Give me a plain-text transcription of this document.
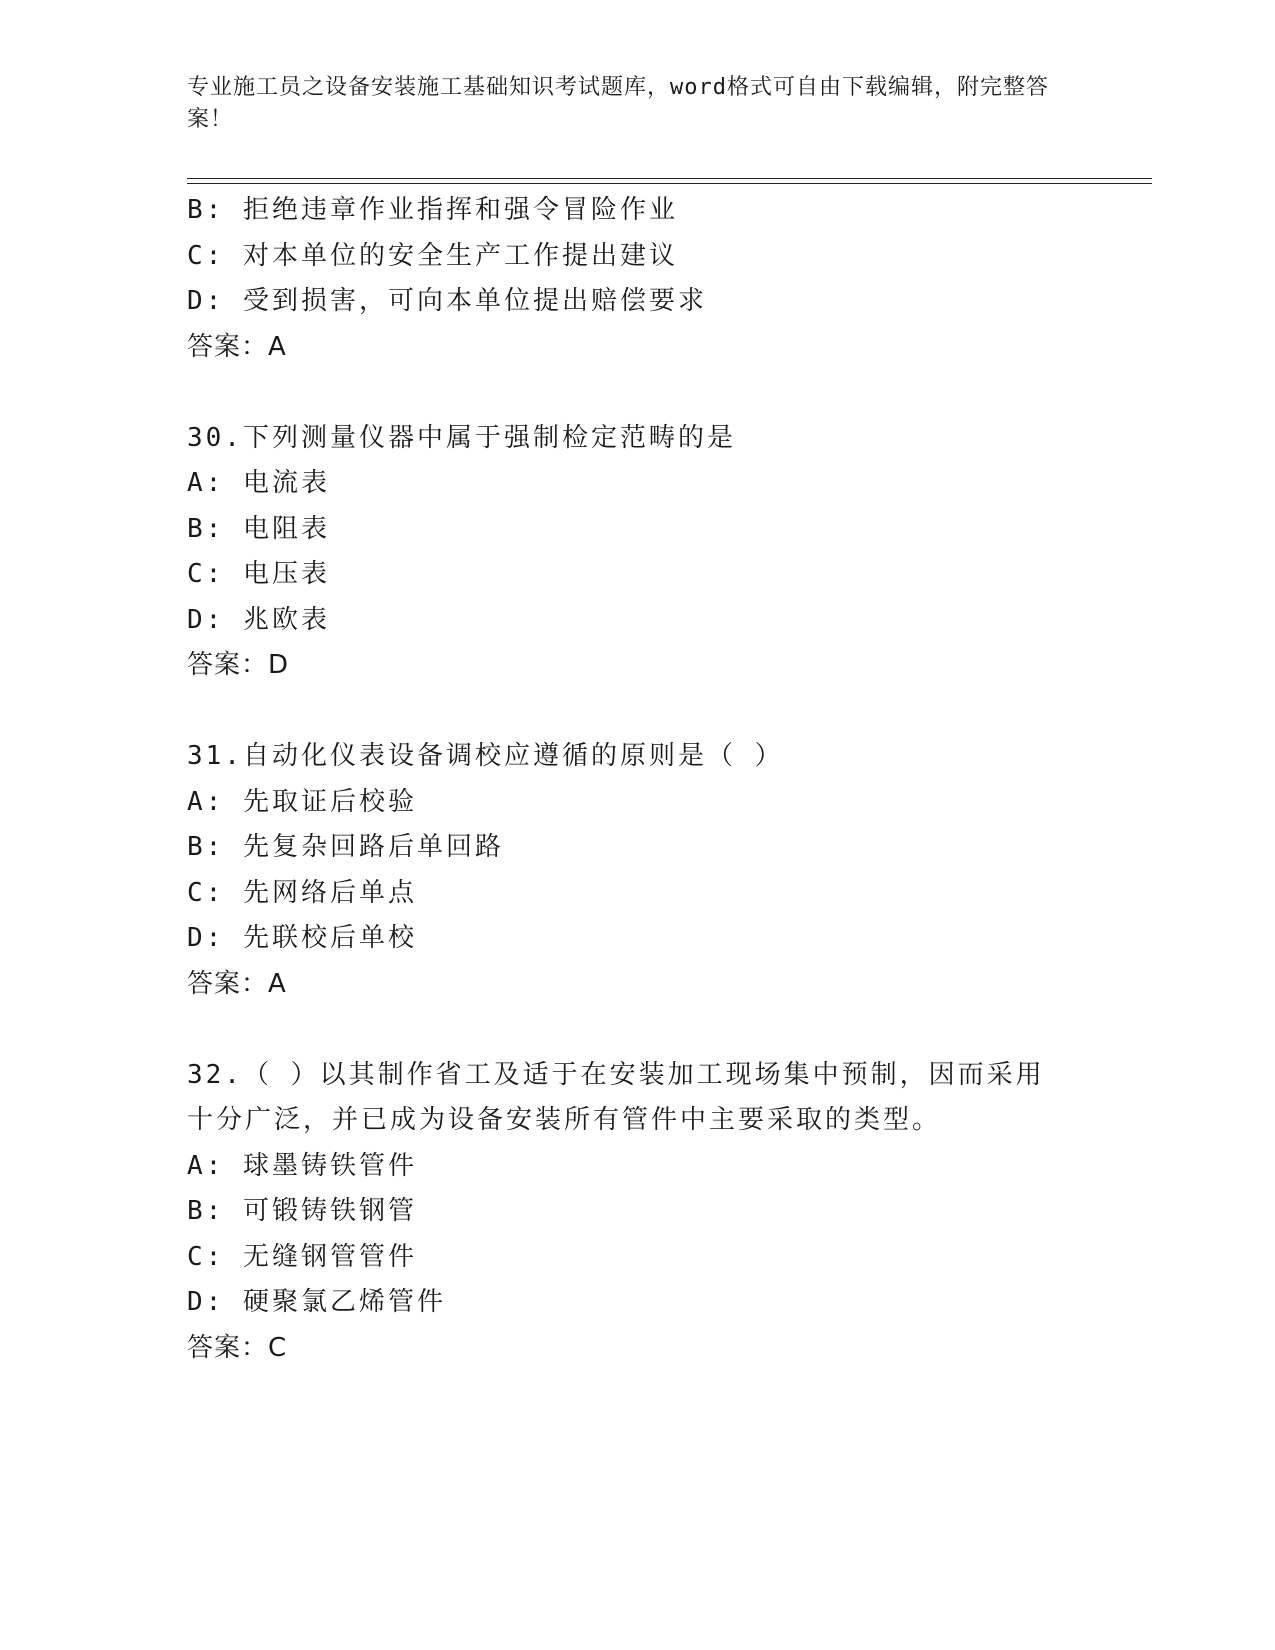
专业施工员之设备安装施工基础知识考试题库，word格式可自由下载编辑，附完整答案！
B: 拒绝违章作业指挥和强令冒险作业
C: 对本单位的安全生产工作提出建议
D: 受到损害，可向本单位提出赔偿要求
答案：A
30.下列测量仪器中属于强制检定范畴的是
A: 电流表
B: 电阻表
C: 电压表
D: 兆欧表
答案：D
31.自动化仪表设备调校应遵循的原则是（ ）
A: 先取证后校验
B: 先复杂回路后单回路
C: 先网络后单点
D: 先联校后单校
答案：A
32.（ ）以其制作省工及适于在安装加工现场集中预制，因而采用十分广泛，并已成为设备安装所有管件中主要采取的类型。
A: 球墨铸铁管件
B: 可锻铸铁钢管
C: 无缝钢管管件
D: 硬聚氯乙烯管件
答案：C
